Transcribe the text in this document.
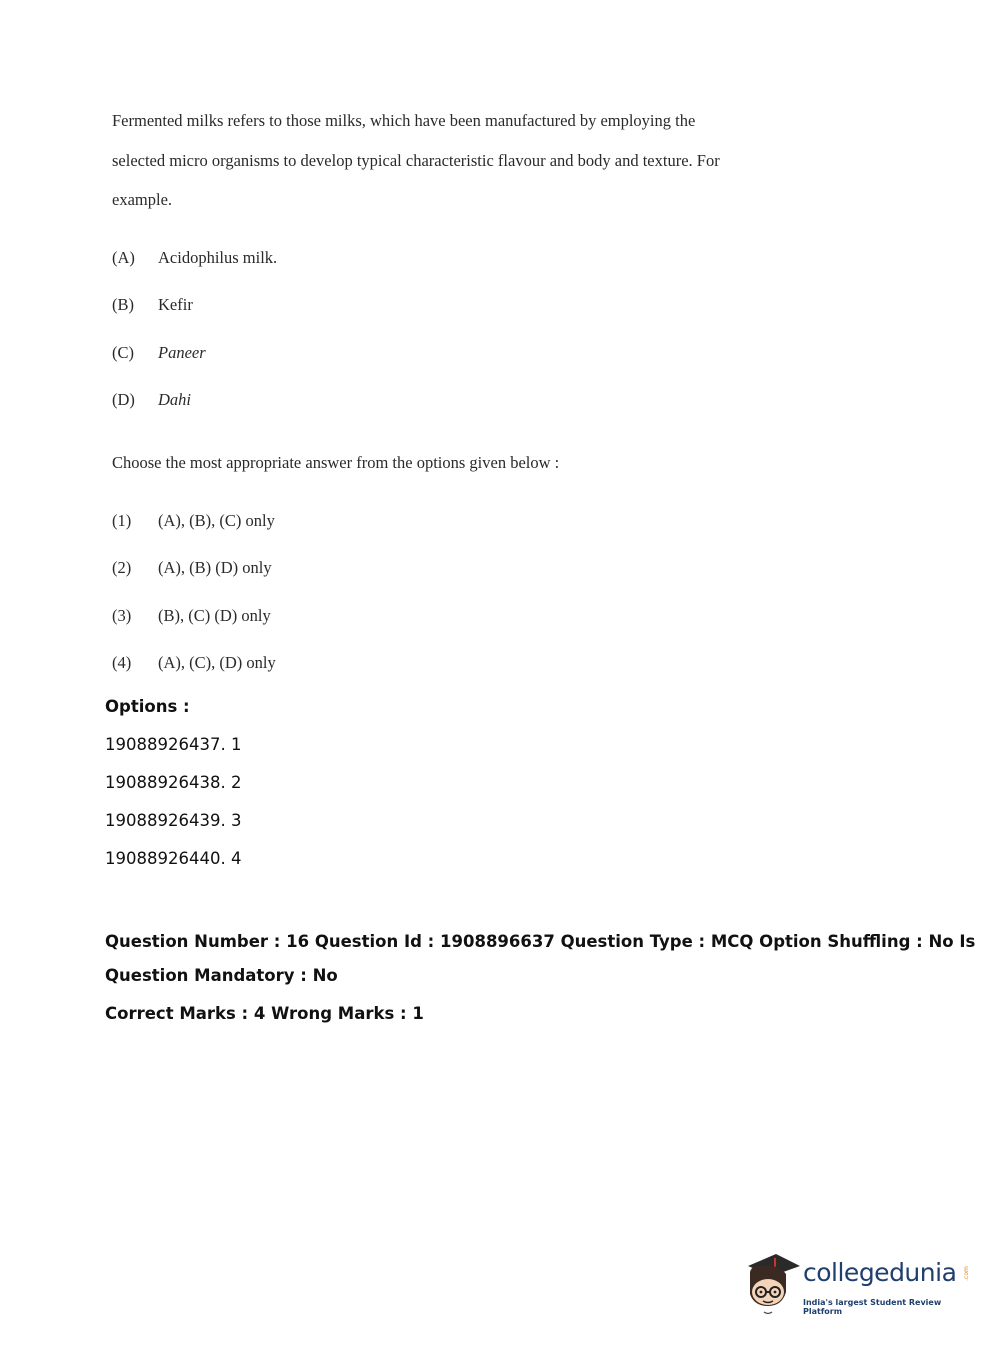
Fermented milks refers to those milks, which have been manufactured by employing the
selected micro organisms to develop typical characteristic flavour and body and texture. For
example.
(A)	Acidophilus milk.
(B)	Kefir
(C)	Paneer
(D)	Dahi
Choose the most appropriate answer from the options given below :
(1)	(A), (B), (C) only
(2)	(A), (B) (D) only
(3)	(B), (C) (D) only
(4)	(A), (C), (D) only
Options :
19088926437. 1
19088926438. 2
19088926439. 3
19088926440. 4
Question Number : 16 Question Id : 1908896637 Question Type : MCQ Option Shuffling : No Is
Question Mandatory : No
Correct Marks : 4 Wrong Marks : 1
collegedunia .com
India's largest Student Review Platform
